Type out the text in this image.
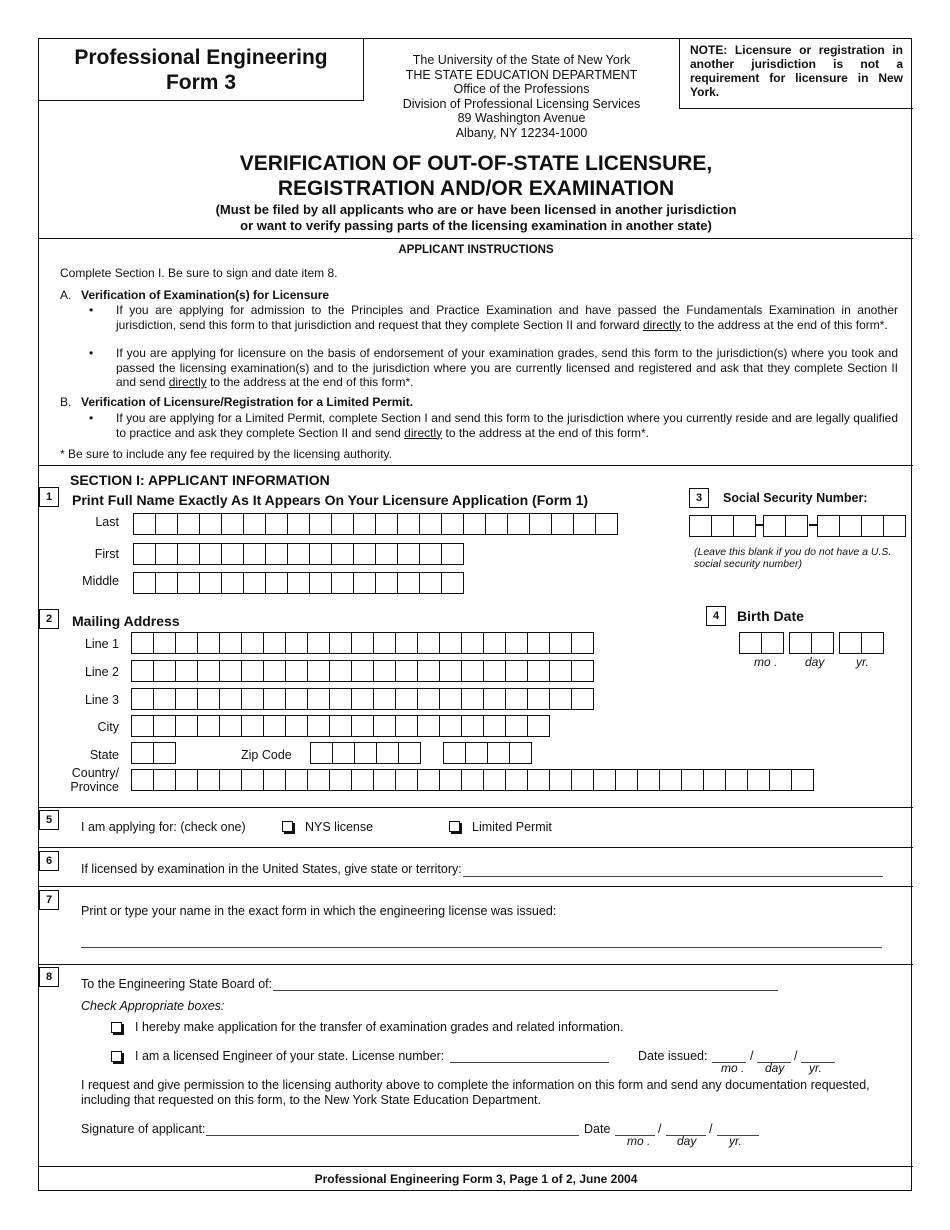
Professional Engineering
Form 3
The University of the State of New York
THE STATE EDUCATION DEPARTMENT
Office of the Professions
Division of Professional Licensing Services
89 Washington Avenue
Albany, NY 12234-1000
NOTE: Licensure or registration in another jurisdiction is not a requirement for licensure in New York.
VERIFICATION OF OUT-OF-STATE LICENSURE,
REGISTRATION AND/OR EXAMINATION
(Must be filed by all applicants who are or have been licensed in another jurisdiction
or want to verify passing parts of the licensing examination in another state)
APPLICANT INSTRUCTIONS
Complete Section I. Be sure to sign and date item 8.
A. Verification of Examination(s) for Licensure
• If you are applying for admission to the Principles and Practice Examination and have passed the Fundamentals Examination in another jurisdiction, send this form to that jurisdiction and request that they complete Section II and forward directly to the address at the end of this form*.
• If you are applying for licensure on the basis of endorsement of your examination grades, send this form to the jurisdiction(s) where you took and passed the licensing examination(s) and to the jurisdiction where you are currently licensed and registered and ask that they complete Section II and send directly to the address at the end of this form*.
B. Verification of Licensure/Registration for a Limited Permit.
• If you are applying for a Limited Permit, complete Section I and send this form to the jurisdiction where you currently reside and are legally qualified to practice and ask they complete Section II and send directly to the address at the end of this form*.
* Be sure to include any fee required by the licensing authority.
SECTION I: APPLICANT INFORMATION
1	Print Full Name Exactly As It Appears On Your Licensure Application (Form 1)
Last
First
Middle
3	Social Security Number:
(Leave this blank if you do not have a U.S. social security number)
2	Mailing Address
Line 1
Line 2
Line 3
City
State	Zip Code
Country/
Province
4	Birth Date
mo . day	yr.
5	I am applying for: (check one)	NYS license	Limited Permit
6
If licensed by examination in the United States, give state or territory:
7
Print or type your name in the exact form in which the engineering license was issued:
8	To the Engineering State Board of:
Check Appropriate boxes:
I hereby make application for the transfer of examination grades and related information.
I am a licensed Engineer of your state. License number:	Date issued:	/	/
mo . day yr.
I request and give permission to the licensing authority above to complete the information on this form and send any documentation requested, including that requested on this form, to the New York State Education Department.
Signature of applicant:	Date	/	/
mo . day	yr.
Professional Engineering Form 3, Page 1 of 2, June 2004
